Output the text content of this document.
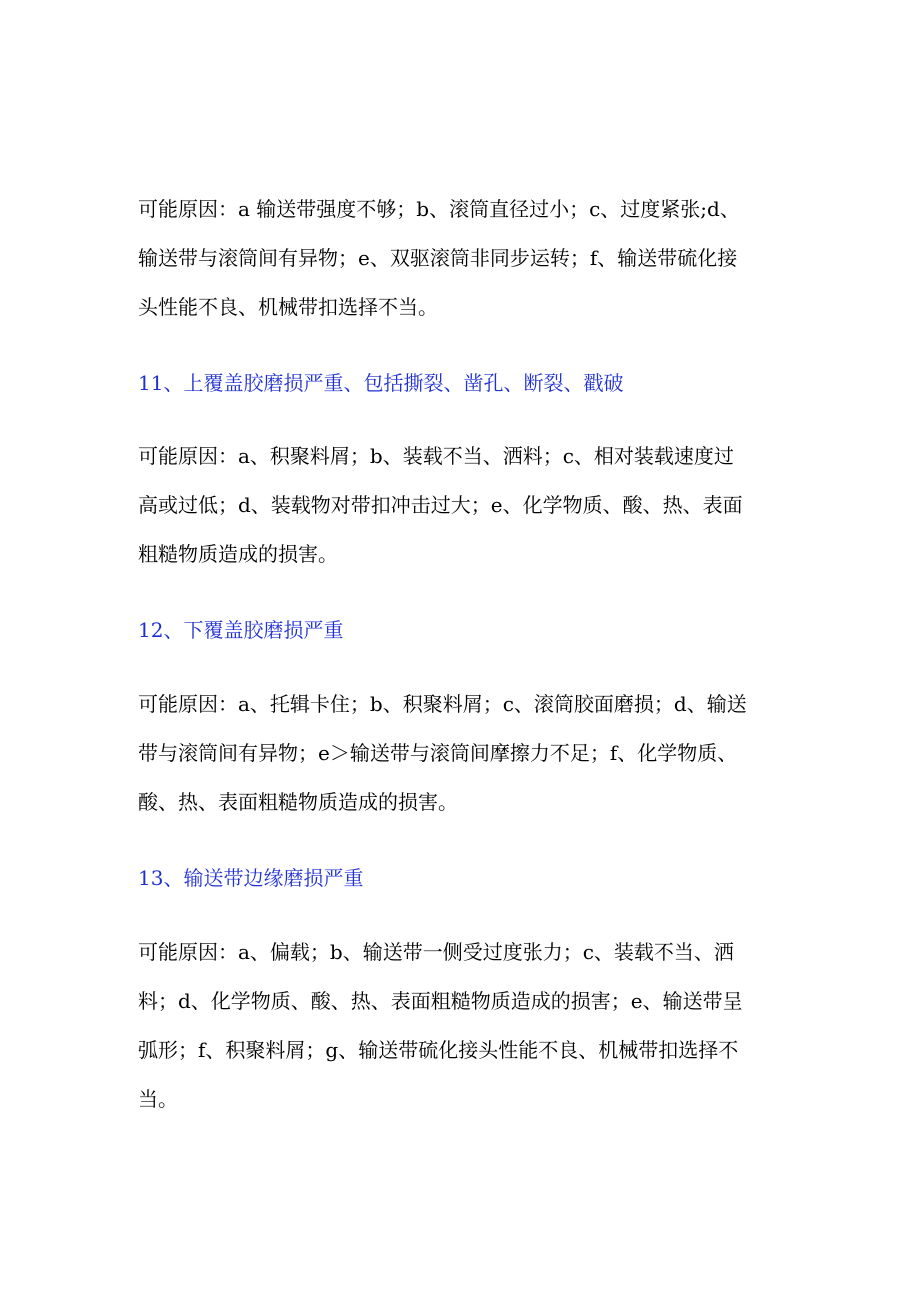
可能原因：a 输送带强度不够；b、滚筒直径过小；c、过度紧张;d、
输送带与滚筒间有异物；e、双驱滚筒非同步运转；f、输送带硫化接
头性能不良、机械带扣选择不当。
11、上覆盖胶磨损严重、包括撕裂、凿孔、断裂、戳破
可能原因：a、积聚料屑；b、装载不当、洒料；c、相对装载速度过
高或过低；d、装载物对带扣冲击过大；e、化学物质、酸、热、表面
粗糙物质造成的损害。
12、下覆盖胶磨损严重
可能原因：a、托辑卡住；b、积聚料屑；c、滚筒胶面磨损；d、输送
带与滚筒间有异物；e＞输送带与滚筒间摩擦力不足；f、化学物质、
酸、热、表面粗糙物质造成的损害。
13、输送带边缘磨损严重
可能原因：a、偏载；b、输送带一侧受过度张力；c、装载不当、洒
料；d、化学物质、酸、热、表面粗糙物质造成的损害；e、输送带呈
弧形；f、积聚料屑；g、输送带硫化接头性能不良、机械带扣选择不
当。
